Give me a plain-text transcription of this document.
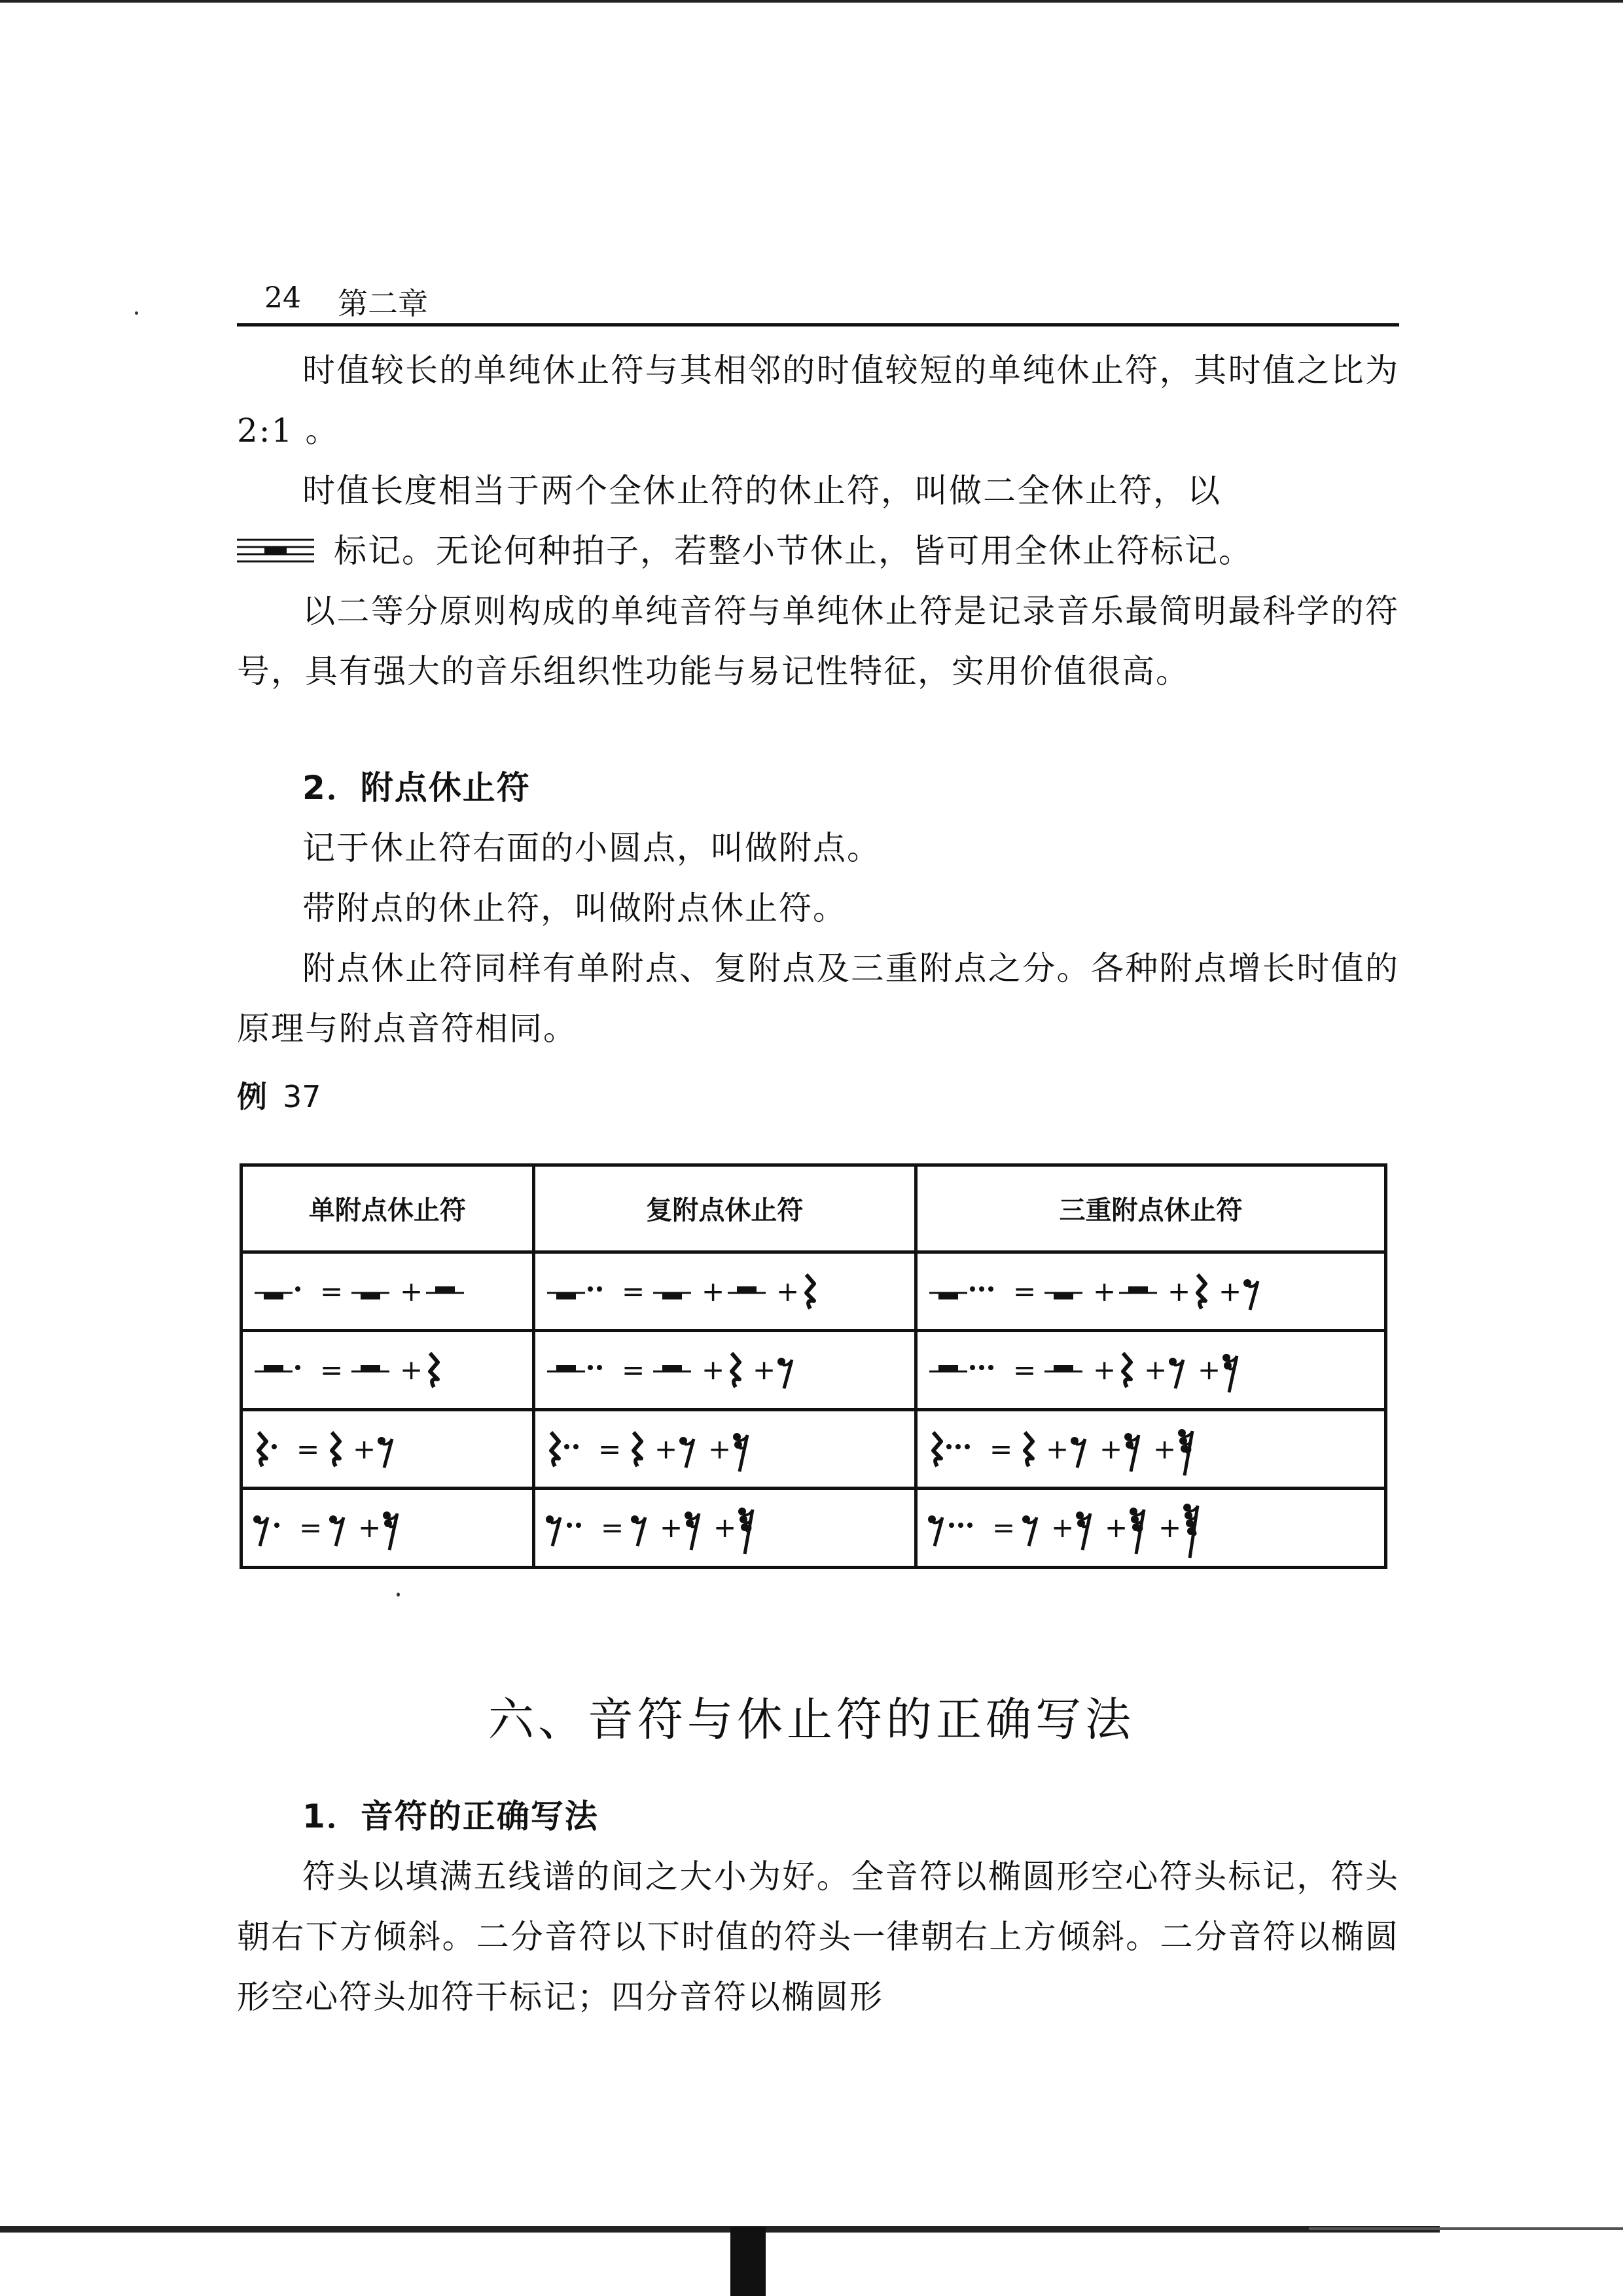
24 第二章

时值较长的单纯休止符与其相邻的时值较短的单纯休止符，其时值之比为 2:1 。

时值长度相当于两个全休止符的休止符，叫做二全休止符，以

标记。无论何种拍子，若整小节休止，皆可用全休止符标记。

以二等分原则构成的单纯音符与单纯休止符是记录音乐最简明最科学的符号，具有强大的音乐组织性功能与易记性特征，实用价值很高。

2．附点休止符

记于休止符右面的小圆点，叫做附点。

带附点的休止符，叫做附点休止符。

附点休止符同样有单附点、复附点及三重附点之分。各种附点增长时值的原理与附点音符相同。

例 37
单附点休止符	复附点休止符	三重附点休止符

= +	= + +	= + + +

= +	= + +	= + + +

= +	= + +	= + + +

= +	= + +	= + + +
六、音符与休止符的正确写法

1．音符的正确写法

符头以填满五线谱的间之大小为好。全音符以椭圆形空心符头标记，符头朝右下方倾斜。二分音符以下时值的符头一律朝右上方倾斜。二分音符以椭圆形空心符头加符干标记；四分音符以椭圆形
